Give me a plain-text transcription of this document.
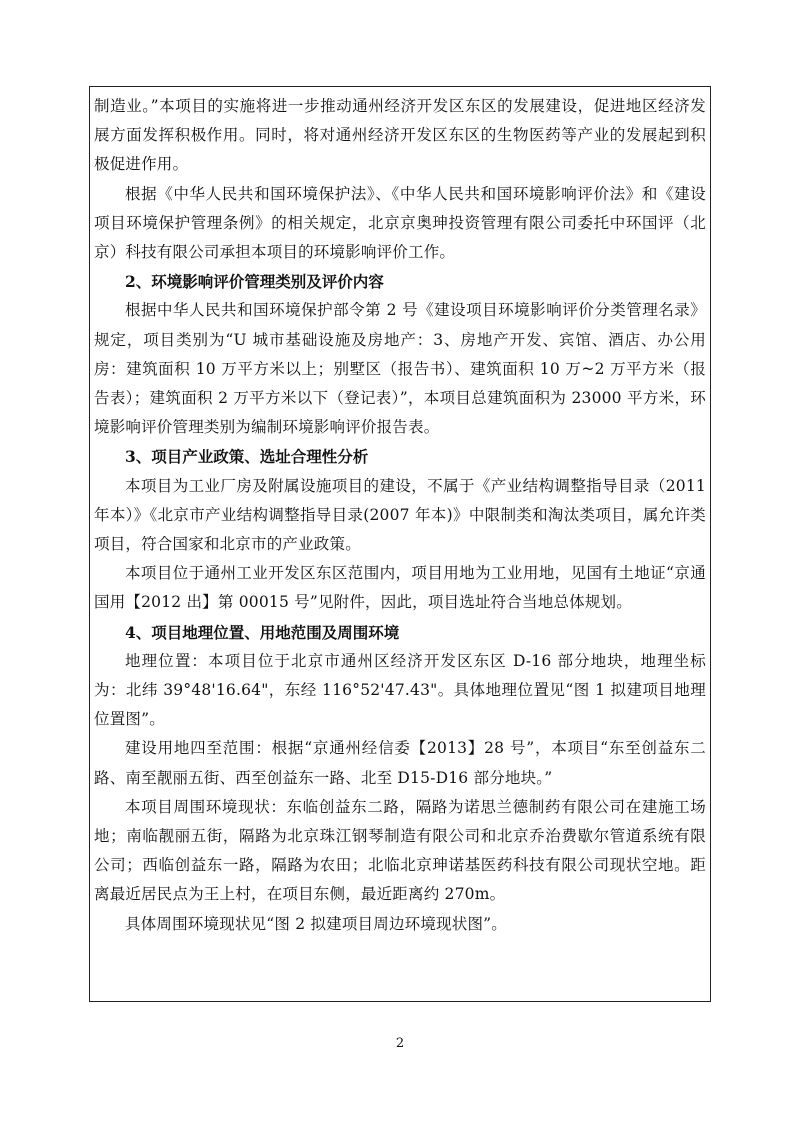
制造业。”本项目的实施将进一步推动通州经济开发区东区的发展建设，促进地区经济发展方面发挥积极作用。同时，将对通州经济开发区东区的生物医药等产业的发展起到积极促进作用。

根据《中华人民共和国环境保护法》、《中华人民共和国环境影响评价法》和《建设项目环境保护管理条例》的相关规定，北京京奥珅投资管理有限公司委托中环国评（北京）科技有限公司承担本项目的环境影响评价工作。

2、环境影响评价管理类别及评价内容

根据中华人民共和国环境保护部令第 2 号《建设项目环境影响评价分类管理名录》规定，项目类别为“U 城市基础设施及房地产：3、房地产开发、宾馆、酒店、办公用房：建筑面积 10 万平方米以上；别墅区（报告书）、建筑面积 10 万~2 万平方米（报告表）；建筑面积 2 万平方米以下（登记表）”，本项目总建筑面积为 23000 平方米，环境影响评价管理类别为编制环境影响评价报告表。

3、项目产业政策、选址合理性分析

本项目为工业厂房及附属设施项目的建设，不属于《产业结构调整指导目录（2011 年本）》《北京市产业结构调整指导目录(2007 年本)》中限制类和淘汰类项目，属允许类项目，符合国家和北京市的产业政策。

本项目位于通州工业开发区东区范围内，项目用地为工业用地，见国有土地证“京通国用【2012 出】第 00015 号”见附件，因此，项目选址符合当地总体规划。

4、项目地理位置、用地范围及周围环境

地理位置：本项目位于北京市通州区经济开发区东区 D-16 部分地块，地理坐标为：北纬 39°48'16.64"，东经 116°52'47.43"。具体地理位置见“图 1 拟建项目地理位置图”。

建设用地四至范围：根据“京通州经信委【2013】28 号”，本项目“东至创益东二路、南至靓丽五街、西至创益东一路、北至 D15-D16 部分地块。”

本项目周围环境现状：东临创益东二路，隔路为诺思兰德制药有限公司在建施工场地；南临靓丽五街，隔路为北京珠江钢琴制造有限公司和北京乔治费歇尔管道系统有限公司；西临创益东一路，隔路为农田；北临北京珅诺基医药科技有限公司现状空地。距离最近居民点为王上村，在项目东侧，最近距离约 270m。

具体周围环境现状见“图 2 拟建项目周边环境现状图”。

2
